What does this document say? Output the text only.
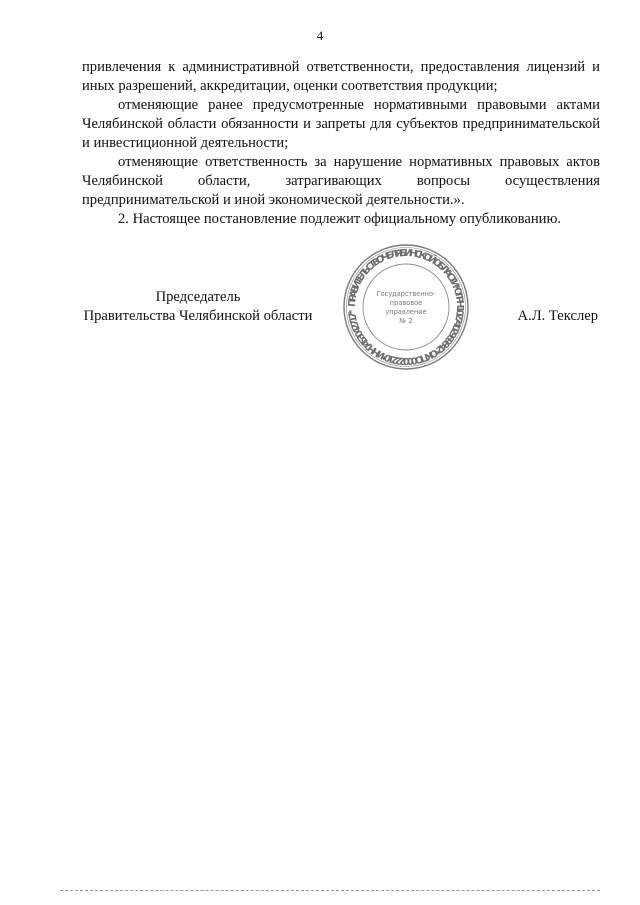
4

привлечения к административной ответственности, предоставления лицензий и иных разрешений, аккредитации, оценки соответствия продукции;

отменяющие ранее предусмотренные нормативными правовыми актами Челябинской области обязанности и запреты для субъектов предпринимательской и инвестиционной деятельности;

отменяющие ответственность за нарушение нормативных правовых актов Челябинской области, затрагивающих вопросы осуществления предпринимательской и иной экономической деятельности.».

2. Настоящее постановление подлежит официальному опубликованию.

Председатель
Правительства Челябинской области	А.Л. Текслер
ПРАВИТЕЛЬСТВО ЧЕЛЯБИНСКОЙ ОБЛАСТИ * ОГРН 1027402969842 * ОКПО 00022210 * ИНН 7453042717 *
Государственно-
правовое
управление
№ 2
